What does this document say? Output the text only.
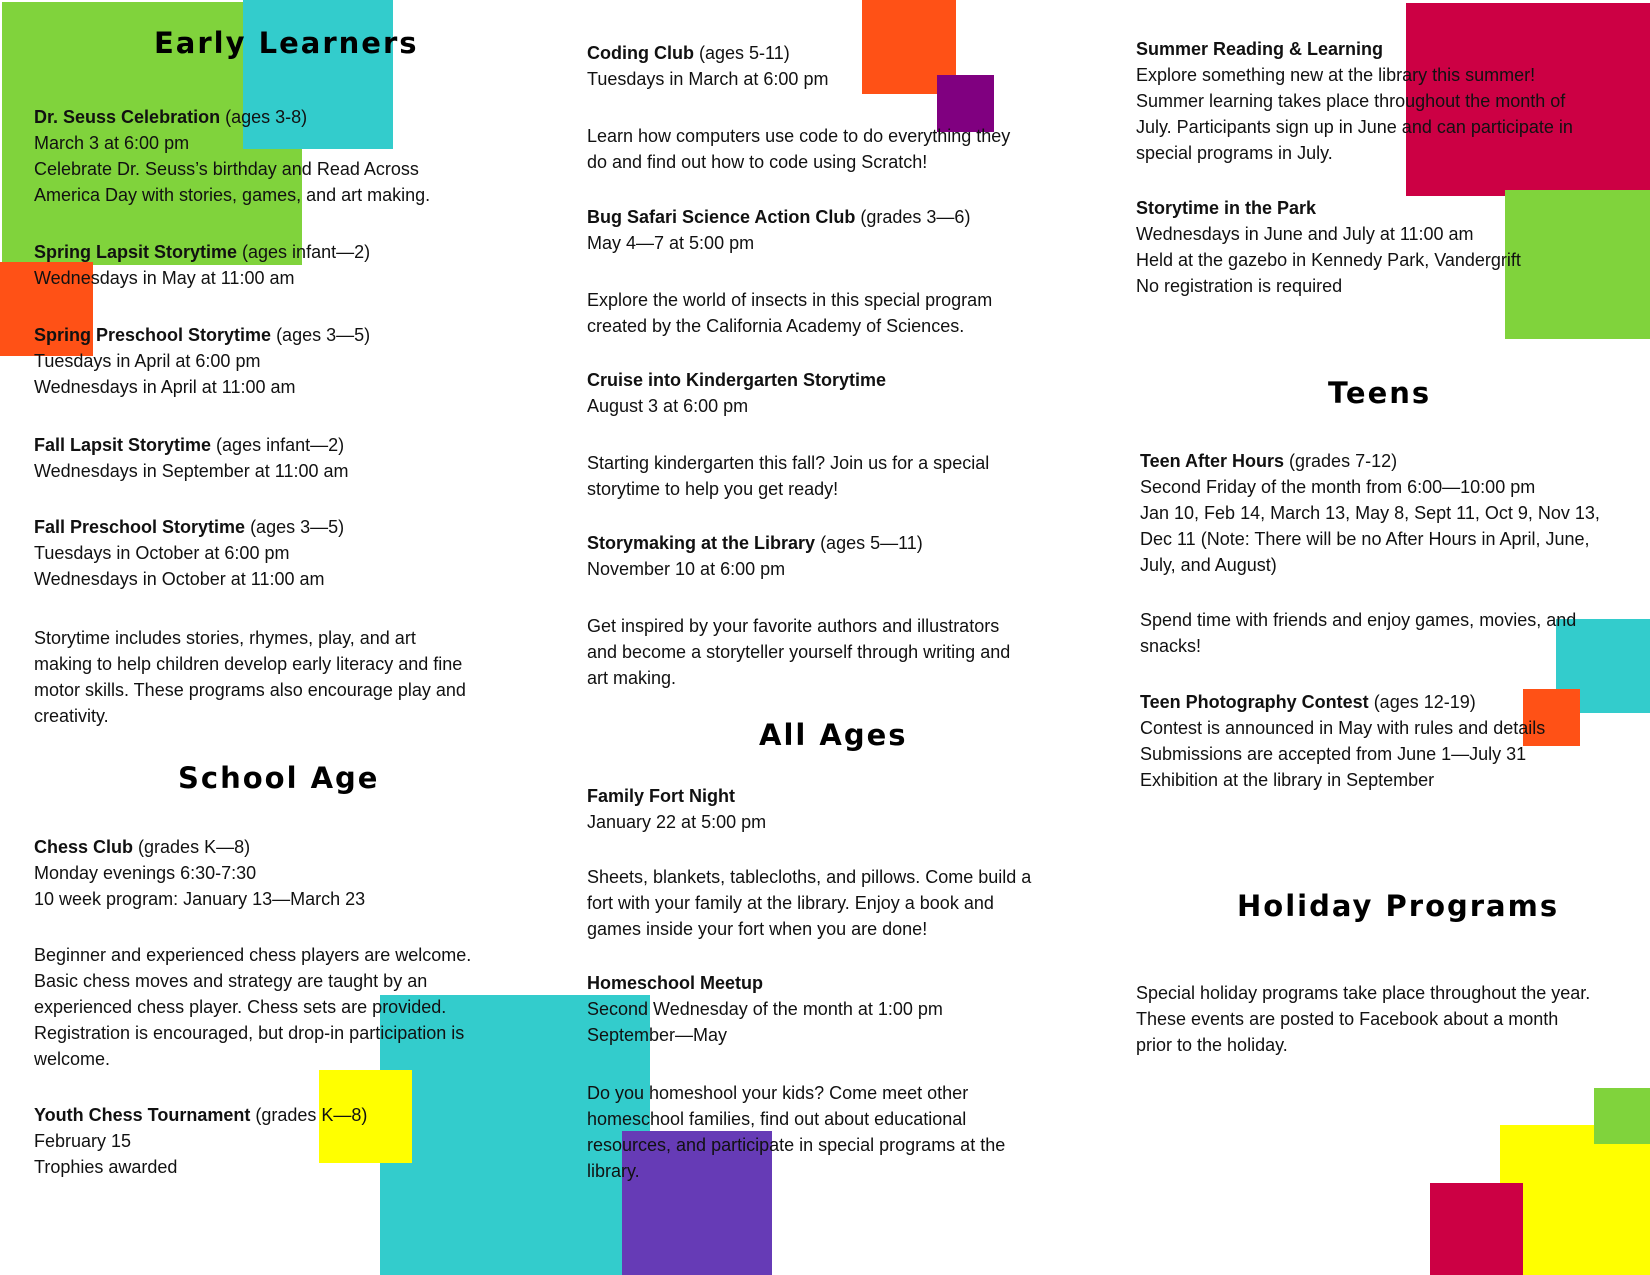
Early Learners

Dr. Seuss Celebration (ages 3-8)

March 3 at 6:00 pm

Celebrate Dr. Seuss’s birthday and Read Across

America Day with stories, games, and art making.

Spring Lapsit Storytime (ages infant—2)

Wednesdays in May at 11:00 am

Spring Preschool Storytime (ages 3—5)

Tuesdays in April at 6:00 pm

Wednesdays in April at 11:00 am

Fall Lapsit Storytime (ages infant—2)

Wednesdays in September at 11:00 am

Fall Preschool Storytime (ages 3—5)

Tuesdays in October at 6:00 pm

Wednesdays in October at 11:00 am

Storytime includes stories, rhymes, play, and art

making to help children develop early literacy and fine

motor skills. These programs also encourage play and

creativity.

School Age

Chess Club (grades K—8)

Monday evenings 6:30-7:30

10 week program: January 13—March 23

Beginner and experienced chess players are welcome.

Basic chess moves and strategy are taught by an

experienced chess player. Chess sets are provided.

Registration is encouraged, but drop-in participation is

welcome.

Youth Chess Tournament (grades K—8)

February 15

Trophies awarded

Coding Club (ages 5-11)

Tuesdays in March at 6:00 pm

Learn how computers use code to do everything they

do and find out how to code using Scratch!

Bug Safari Science Action Club (grades 3—6)

May 4—7 at 5:00 pm

Explore the world of insects in this special program

created by the California Academy of Sciences.

Cruise into Kindergarten Storytime

August 3 at 6:00 pm

Starting kindergarten this fall? Join us for a special

storytime to help you get ready!

Storymaking at the Library (ages 5—11)

November 10 at 6:00 pm

Get inspired by your favorite authors and illustrators

and become a storyteller yourself through writing and

art making.

All Ages

Family Fort Night

January 22 at 5:00 pm

Sheets, blankets, tablecloths, and pillows. Come build a

fort with your family at the library. Enjoy a book and

games inside your fort when you are done!

Homeschool Meetup

Second Wednesday of the month at 1:00 pm

September—May

Do you homeshool your kids? Come meet other

homeschool families, find out about educational

resources, and participate in special programs at the

library.

Summer Reading & Learning

Explore something new at the library this summer!

Summer learning takes place throughout the month of

July. Participants sign up in June and can participate in

special programs in July.

Storytime in the Park

Wednesdays in June and July at 11:00 am

Held at the gazebo in Kennedy Park, Vandergrift

No registration is required

Teens

Teen After Hours (grades 7-12)

Second Friday of the month from 6:00—10:00 pm

Jan 10, Feb 14, March 13, May 8, Sept 11, Oct 9, Nov 13,

Dec 11 (Note: There will be no After Hours in April, June,

July, and August)

Spend time with friends and enjoy games, movies, and

snacks!

Teen Photography Contest (ages 12-19)

Contest is announced in May with rules and details

Submissions are accepted from June 1—July 31

Exhibition at the library in September

Holiday Programs

Special holiday programs take place throughout the year.

These events are posted to Facebook about a month

prior to the holiday.
